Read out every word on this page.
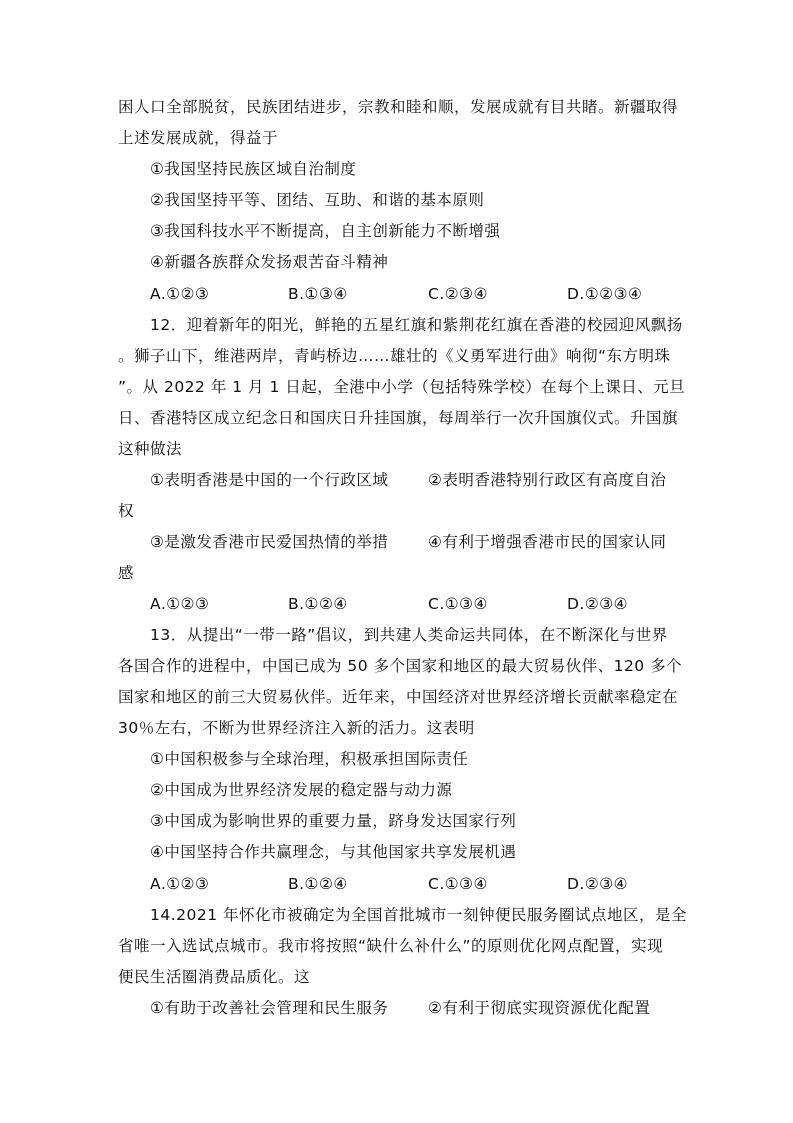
困人口全部脱贫，民族团结进步，宗教和睦和顺，发展成就有目共睹。新疆取得
上述发展成就，得益于
①我国坚持民族区域自治制度
②我国坚持平等、团结、互助、和谐的基本原则
③我国科技水平不断提高，自主创新能力不断增强
④新疆各族群众发扬艰苦奋斗精神
A.①②③	B.①③④	C.②③④	D.①②③④
12．迎着新年的阳光，鲜艳的五星红旗和紫荆花红旗在香港的校园迎风飘扬
。狮子山下，维港两岸，青屿桥边……雄壮的《义勇军进行曲》响彻“东方明珠
”。从 2022 年 1 月 1 日起，全港中小学（包括特殊学校）在每个上课日、元旦
日、香港特区成立纪念日和国庆日升挂国旗，每周举行一次升国旗仪式。升国旗
这种做法
①表明香港是中国的一个行政区域	②表明香港特别行政区有高度自治
权
③是激发香港市民爱国热情的举措	④有利于增强香港市民的国家认同
感
A.①②③	B.①②④	C.①③④	D.②③④
13．从提出“一带一路”倡议，到共建人类命运共同体，在不断深化与世界
各国合作的进程中，中国已成为 50 多个国家和地区的最大贸易伙伴、120 多个
国家和地区的前三大贸易伙伴。近年来，中国经济对世界经济增长贡献率稳定在
30％左右，不断为世界经济注入新的活力。这表明
①中国积极参与全球治理，积极承担国际责任
②中国成为世界经济发展的稳定器与动力源
③中国成为影响世界的重要力量，跻身发达国家行列
④中国坚持合作共赢理念，与其他国家共享发展机遇
A.①②③	B.①②④	C.①③④	D.②③④
14.2021 年怀化市被确定为全国首批城市一刻钟便民服务圈试点地区，是全
省唯一入选试点城市。我市将按照“缺什么补什么”的原则优化网点配置，实现
便民生活圈消费品质化。这
①有助于改善社会管理和民生服务	②有利于彻底实现资源优化配置
